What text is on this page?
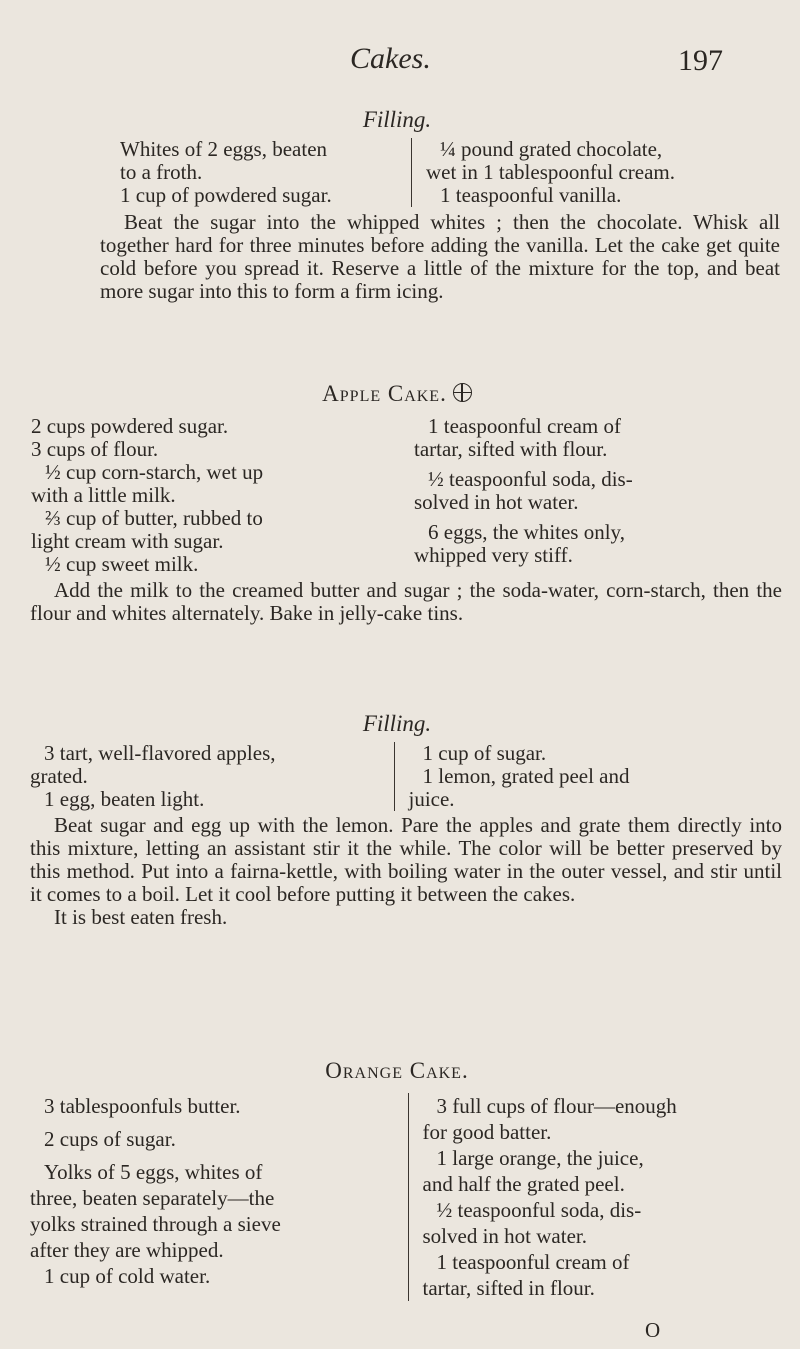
Cakes.	197
Filling.

Whites of 2 eggs, beaten

to a froth.

1 cup of powdered sugar.

¼ pound grated chocolate,

wet in 1 tablespoonful cream.

1 teaspoonful vanilla.

Beat the sugar into the whipped whites ; then the chocolate. Whisk all together hard for three minutes before adding the vanilla. Let the cake get quite cold before you spread it. Reserve a little of the mixture for the top, and beat more sugar into this to form a firm icing.

Apple Cake.

2 cups powdered sugar.

3 cups of flour.

½ cup corn-starch, wet up

with a little milk.

⅔ cup of butter, rubbed to

light cream with sugar.

½ cup sweet milk.

1 teaspoonful cream of

tartar, sifted with flour.

½ teaspoonful soda, dis-

solved in hot water.

6 eggs, the whites only,

whipped very stiff.

Add the milk to the creamed butter and sugar ; the soda-water, corn-starch, then the flour and whites alternately. Bake in jelly-cake tins.

Filling.

3 tart, well-flavored apples,

grated.

1 egg, beaten light.

1 cup of sugar.

1 lemon, grated peel and

juice.

Beat sugar and egg up with the lemon. Pare the apples and grate them directly into this mixture, letting an assistant stir it the while. The color will be better preserved by this method. Put into a fairna-kettle, with boiling water in the outer vessel, and stir until it comes to a boil. Let it cool before putting it between the cakes.

It is best eaten fresh.

Orange Cake.

3 tablespoonfuls butter.

2 cups of sugar.

Yolks of 5 eggs, whites of

three, beaten separately—the

yolks strained through a sieve

after they are whipped.

1 cup of cold water.

3 full cups of flour—enough

for good batter.

1 large orange, the juice,

and half the grated peel.

½ teaspoonful soda, dis-

solved in hot water.

1 teaspoonful cream of

tartar, sifted in flour.

O
